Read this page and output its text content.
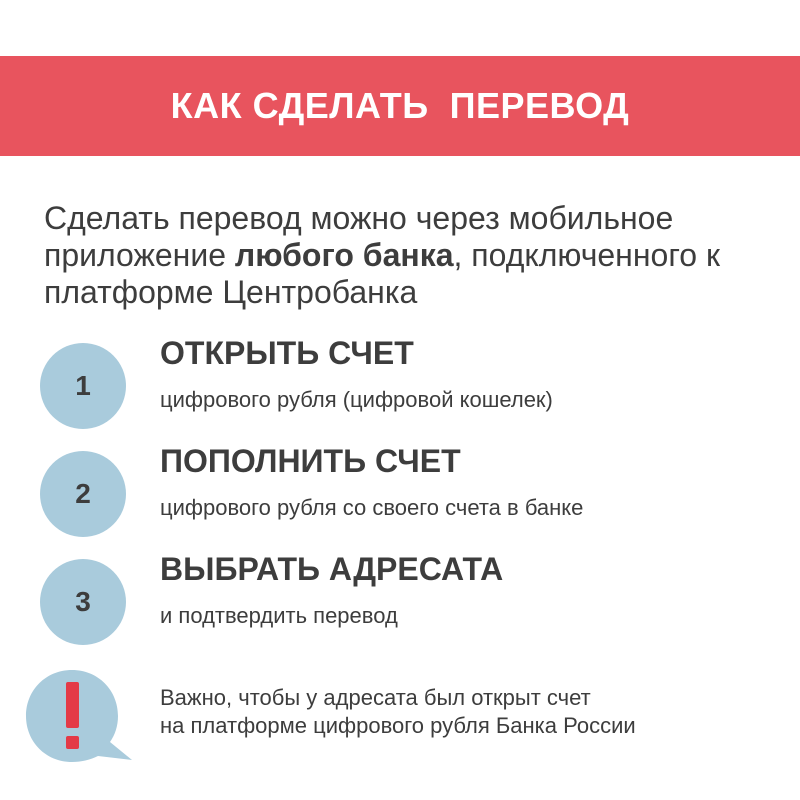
КАК СДЕЛАТЬ  ПЕРЕВОД
Сделать перевод можно через мобильное приложение любого банка, подключенного к платформе Центробанка
1
ОТКРЫТЬ СЧЕТ
цифрового рубля (цифровой кошелек)
2
ПОПОЛНИТЬ СЧЕТ
цифрового рубля со своего счета в банке
3
ВЫБРАТЬ АДРЕСАТА
и подтвердить перевод
Важно, чтобы у адресата был открыт счет
на платформе цифрового рубля Банка России
